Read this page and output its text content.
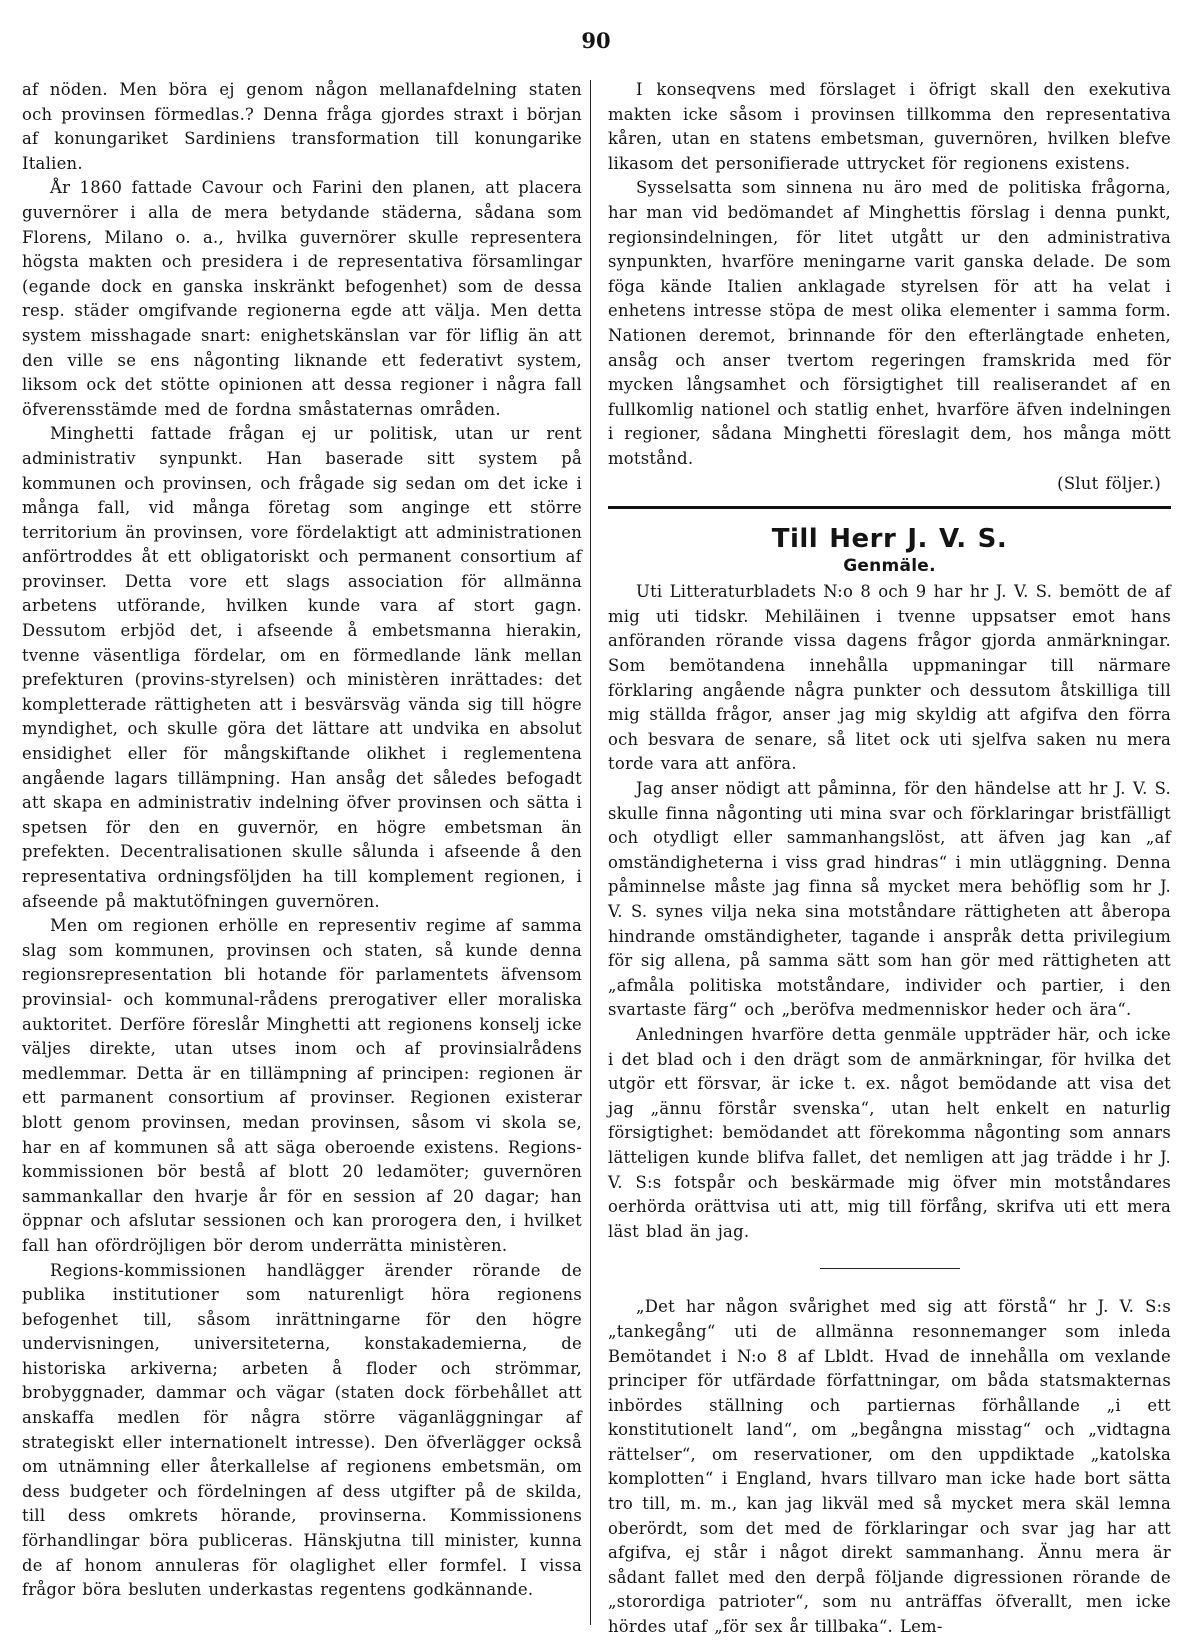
90

af nöden. Men böra ej genom någon mellanafdelning staten och provinsen förmedlas.? Denna fråga gjordes straxt i början af konungariket Sardiniens transformation till konungarike Italien.

År 1860 fattade Cavour och Farini den planen, att placera guvernörer i alla de mera betydande städerna, sådana som Florens, Milano o. a., hvilka guvernörer skulle representera högsta makten och presidera i de representativa församlingar (egande dock en ganska inskränkt befogenhet) som de dessa resp. städer omgifvande regionerna egde att välja. Men detta system misshagade snart: enighetskänslan var för liflig än att den ville se ens någonting liknande ett federativt system, liksom ock det stötte opinionen att dessa regioner i några fall öfverensstämde med de fordna småstaternas områden.

Minghetti fattade frågan ej ur politisk, utan ur rent administrativ synpunkt. Han baserade sitt system på kommunen och provinsen, och frågade sig sedan om det icke i många fall, vid många företag som anginge ett större territorium än provinsen, vore fördelaktigt att administrationen anförtroddes åt ett obligatoriskt och permanent consortium af provinser. Detta vore ett slags association för allmänna arbetens utförande, hvilken kunde vara af stort gagn. Dessutom erbjöd det, i afseende å embetsmanna hierakin, tvenne väsentliga fördelar, om en förmedlande länk mellan prefekturen (provins-styrelsen) och ministèren inrättades: det kompletterade rättigheten att i besvärsväg vända sig till högre myndighet, och skulle göra det lättare att undvika en absolut ensidighet eller för mångskiftande olikhet i reglementena angående lagars tillämpning. Han ansåg det således befogadt att skapa en administrativ indelning öfver provinsen och sätta i spetsen för den en guvernör, en högre embetsman än prefekten. Decentralisationen skulle sålunda i afseende å den representativa ordningsföljden ha till komplement regionen, i afseende på maktutöfningen guvernören.

Men om regionen erhölle en representiv regime af samma slag som kommunen, provinsen och staten, så kunde denna regionsrepresentation bli hotande för parlamentets äfvensom provinsial- och kommunal-rådens prerogativer eller moraliska auktoritet. Derföre föreslår Minghetti att regionens konselj icke väljes direkte, utan utses inom och af provinsialrådens medlemmar. Detta är en tillämpning af principen: regionen är ett parmanent consortium af provinser. Regionen existerar blott genom provinsen, medan provinsen, såsom vi skola se, har en af kommunen så att säga oberoende existens. Regions-kommissionen bör bestå af blott 20 ledamöter; guvernören sammankallar den hvarje år för en session af 20 dagar; han öppnar och afslutar sessionen och kan prorogera den, i hvilket fall han ofördröjligen bör derom underrätta ministèren.

Regions-kommissionen handlägger ärender rörande de publika institutioner som naturenligt höra regionens befogenhet till, såsom inrättningarne för den högre undervisningen, universiteterna, konstakademierna, de historiska arkiverna; arbeten å floder och strömmar, brobyggnader, dammar och vägar (staten dock förbehållet att anskaffa medlen för några större väganläggningar af strategiskt eller internationelt intresse). Den öfverlägger också om utnämning eller återkallelse af regionens embetsmän, om dess budgeter och fördelningen af dess utgifter på de skilda, till dess omkrets hörande, provinserna. Kommissionens förhandlingar böra publiceras. Hänskjutna till minister, kunna de af honom annuleras för olaglighet eller formfel. I vissa frågor böra besluten underkastas regentens godkännande.

I konseqvens med förslaget i öfrigt skall den exekutiva makten icke såsom i provinsen tillkomma den representativa kåren, utan en statens embetsman, guvernören, hvilken blefve likasom det personifierade uttrycket för regionens existens.

Sysselsatta som sinnena nu äro med de politiska frågorna, har man vid bedömandet af Minghettis förslag i denna punkt, regionsindelningen, för litet utgått ur den administrativa synpunkten, hvarföre meningarne varit ganska delade. De som föga kände Italien anklagade styrelsen för att ha velat i enhetens intresse stöpa de mest olika elementer i samma form. Nationen deremot, brinnande för den efterlängtade enheten, ansåg och anser tvertom regeringen framskrida med för mycken långsamhet och försigtighet till realiserandet af en fullkomlig nationel och statlig enhet, hvarföre äfven indelningen i regioner, sådana Minghetti föreslagit dem, hos många mött motstånd.

(Slut följer.)
Till Herr J. V. S.
Genmäle.

Uti Litteraturbladets N:o 8 och 9 har hr J. V. S. bemött de af mig uti tidskr. Mehiläinen i tvenne uppsatser emot hans anföranden rörande vissa dagens frågor gjorda anmärkningar. Som bemötandena innehålla uppmaningar till närmare förklaring angående några punkter och dessutom åtskilliga till mig ställda frågor, anser jag mig skyldig att afgifva den förra och besvara de senare, så litet ock uti sjelfva saken nu mera torde vara att anföra.

Jag anser nödigt att påminna, för den händelse att hr J. V. S. skulle finna någonting uti mina svar och förklaringar bristfälligt och otydligt eller sammanhangslöst, att äfven jag kan „af omständigheterna i viss grad hindras“ i min utläggning. Denna påminnelse måste jag finna så mycket mera behöflig som hr J. V. S. synes vilja neka sina motståndare rättigheten att åberopa hindrande omständigheter, tagande i anspråk detta privilegium för sig allena, på samma sätt som han gör med rättigheten att „afmåla politiska motståndare, individer och partier, i den svartaste färg“ och „beröfva medmenniskor heder och ära“.

Anledningen hvarföre detta genmäle uppträder här, och icke i det blad och i den drägt som de anmärkningar, för hvilka det utgör ett försvar, är icke t. ex. något bemödande att visa det jag „ännu förstår svenska“, utan helt enkelt en naturlig försigtighet: bemödandet att förekomma någonting som annars lätteligen kunde blifva fallet, det nemligen att jag trädde i hr J. V. S:s fotspår och beskärmade mig öfver min motståndares oerhörda orättvisa uti att, mig till förfång, skrifva uti ett mera läst blad än jag.

„Det har någon svårighet med sig att förstå“ hr J. V. S:s „tankegång“ uti de allmänna resonnemanger som inleda Bemötandet i N:o 8 af Lbldt. Hvad de innehålla om vexlande principer för utfärdade författningar, om båda statsmakternas inbördes ställning och partiernas förhållande „i ett konstitutionelt land“, om „begångna misstag“ och „vidtagna rättelser“, om reservationer, om den uppdiktade „katolska komplotten“ i England, hvars tillvaro man icke hade bort sätta tro till, m. m., kan jag likväl med så mycket mera skäl lemna oberördt, som det med de förklaringar och svar jag har att afgifva, ej står i något direkt sammanhang. Ännu mera är sådant fallet med den derpå följande digressionen rörande de „storordiga patrioter“, som nu anträffas öfverallt, men icke hördes utaf „för sex år tillbaka“. Lem-
